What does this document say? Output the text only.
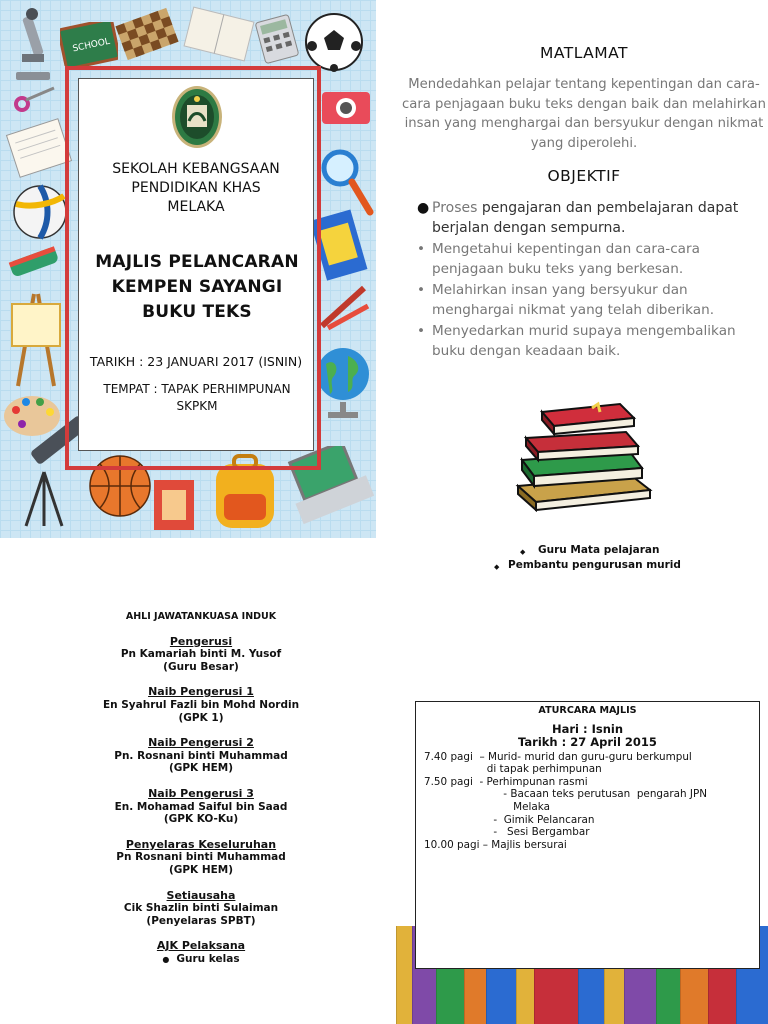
SCHOOL
SEKOLAH KEBANGSAAN
PENDIDIKAN KHAS
MELAKA
MAJLIS PELANCARAN
KEMPEN SAYANGI
BUKU TEKS
TARIKH : 23 JANUARI 2017 (ISNIN)
TEMPAT : TAPAK PERHIMPUNAN SKPKM
MATLAMAT
Mendedahkan pelajar tentang kepentingan dan cara-cara penjagaan buku teks dengan baik dan melahirkan insan yang menghargai dan bersyukur dengan nikmat yang diperolehi.
OBJEKTIF
● Proses pengajaran dan pembelajaran dapat berjalan dengan sempurna.
• Mengetahui kepentingan dan cara-cara penjagaan buku teks yang berkesan.
• Melahirkan insan yang bersyukur dan menghargai nikmat yang telah diberikan.
• Menyedarkan murid supaya mengembalikan buku dengan keadaan baik.
◆ Guru Mata pelajaran
◆ Pembantu pengurusan murid
AHLI JAWATANKUASA INDUK
Pengerusi
Pn Kamariah binti M. Yusof
(Guru Besar)
Naib Pengerusi 1
En Syahrul Fazli bin Mohd Nordin
(GPK 1)
Naib Pengerusi 2
Pn. Rosnani binti Muhammad
(GPK HEM)
Naib Pengerusi 3
En. Mohamad Saiful bin Saad
(GPK KO-Ku)
Penyelaras Keseluruhan
Pn Rosnani binti Muhammad
(GPK HEM)
Setiausaha
Cik Shazlin binti Sulaiman
(Penyelaras SPBT)
AJK Pelaksana
● Guru kelas
ATURCARA MAJLIS
Hari : Isnin
Tarikh : 27 April 2015
7.40 pagi  – Murid- murid dan guru-guru berkumpul
di tapak perhimpunan
7.50 pagi  - Perhimpunan rasmi
- Bacaan teks perutusan  pengarah JPN
Melaka
-  Gimik Pelancaran
-   Sesi Bergambar
10.00 pagi – Majlis bersurai
